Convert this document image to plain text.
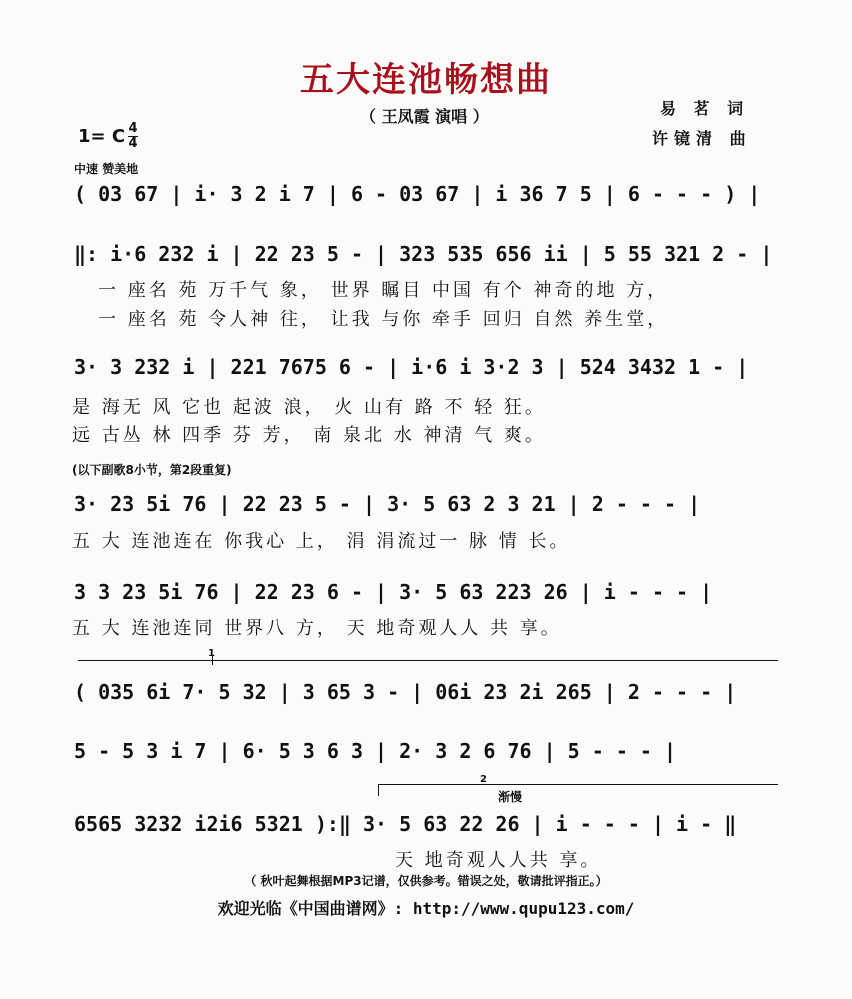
五大连池畅想曲
（ 王凤霞 演唱 ）	易 茗 词
许镜清 曲
1= C 4
4
中速 赞美地
( 03 67 | i· 3 2 i 7 | 6 - 03 67 | i 36 7 5 | 6 - - - ) |
‖: i·6 232 i | 22 23 5 - | 323 535 656 ii | 5 55 321 2 - |
一 座名 苑 万千气 象， 世界 瞩目 中国 有个 神奇的地 方，
一 座名 苑 令人神 往， 让我 与你 牵手 回归 自然 养生堂，
3· 3 232 i | 221 7675 6 - | i·6 i 3·2 3 | 524 3432 1 - |
是 海无 风 它也 起波 浪， 火 山有 路 不 轻 狂。
远 古丛 林 四季 芬 芳， 南 泉北 水 神清 气 爽。
(以下副歌8小节，第2段重复)
3· 23 5i 76 | 22 23 5 - | 3· 5 63 2 3 21 | 2 - - - |
五 大 连池连在 你我心 上， 涓 涓流过一 脉 情 长。
3 3 23 5i 76 | 22 23 6 - | 3· 5 63 223 26 | i - - - |
五 大 连池连同 世界八 方， 天 地奇观人人 共 享。
1
( 035 6i 7· 5 32 | 3 65 3 - | 06i 23 2i 265 | 2 - - - |
5 - 5 3 i 7 | 6· 5 3 6 3 | 2· 3 2 6 76 | 5 - - - |
2
渐慢
6565 3232 i2i6 5321 ):‖ 3· 5 63 22 26 | i - - - | i - ‖
天 地奇观人人共 享。
（ 秋叶起舞根据MP3记谱，仅供参考。错误之处，敬请批评指正。）
欢迎光临《中国曲谱网》: http://www.qupu123.com/
